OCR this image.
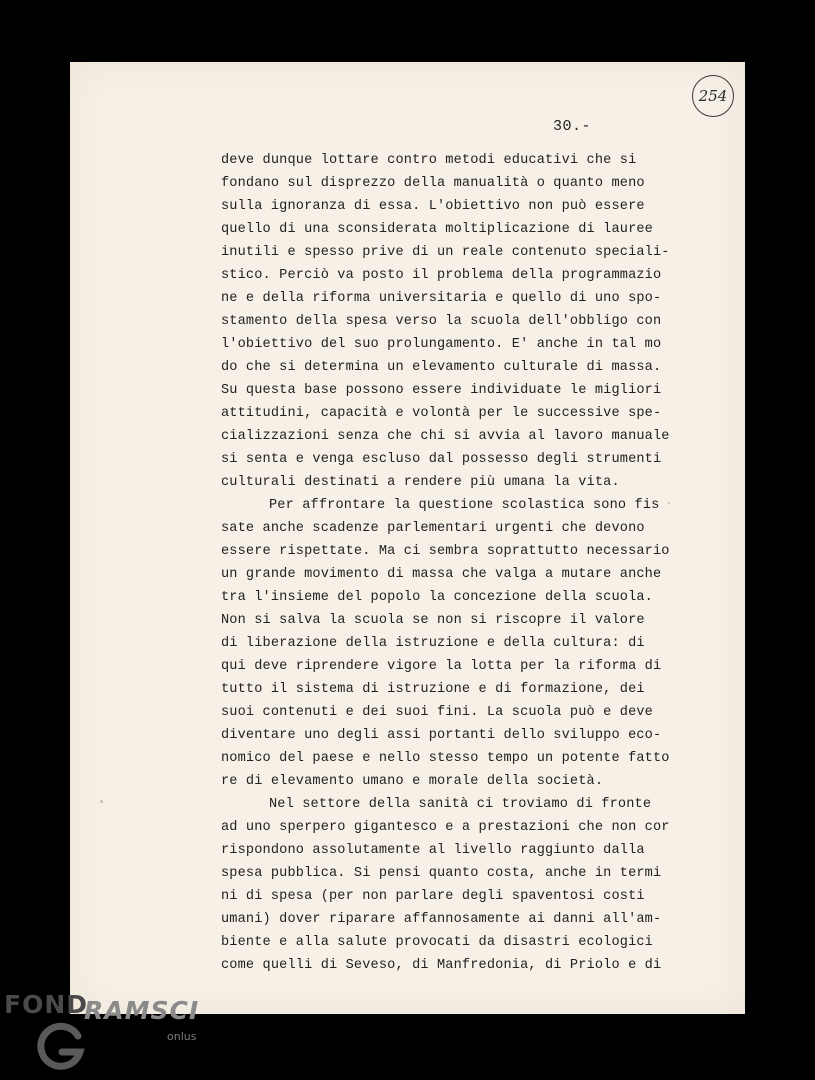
254
30.-
deve dunque lottare contro metodi educativi che si
fondano sul disprezzo della manualità o quanto meno
sulla ignoranza di essa. L'obiettivo non può essere
quello di una sconsiderata moltiplicazione di lauree
inutili e spesso prive di un reale contenuto speciali-
stico. Perciò va posto il problema della programmazio
ne e della riforma universitaria e quello di uno spo-
stamento della spesa verso la scuola dell'obbligo con
l'obiettivo del suo prolungamento. E' anche in tal mo
do che si determina un elevamento culturale di massa.
Su questa base possono essere individuate le migliori
attitudini, capacità e volontà per le successive spe-
cializzazioni senza che chi si avvia al lavoro manuale
si senta e venga escluso dal possesso degli strumenti
culturali destinati a rendere più umana la vita.
Per affrontare la questione scolastica sono fis
sate anche scadenze parlementari urgenti che devono
essere rispettate. Ma ci sembra soprattutto necessario
un grande movimento di massa che valga a mutare anche
tra l'insieme del popolo la concezione della scuola.
Non si salva la scuola se non si riscopre il valore
di liberazione della istruzione e della cultura: di
qui deve riprendere vigore la lotta per la riforma di
tutto il sistema di istruzione e di formazione, dei
suoi contenuti e dei suoi fini. La scuola può e deve
diventare uno degli assi portanti dello sviluppo eco-
nomico del paese e nello stesso tempo un potente fatto
re di elevamento umano e morale della società.
Nel settore della sanità ci troviamo di fronte
ad uno sperpero gigantesco e a prestazioni che non cor
rispondono assolutamente al livello raggiunto dalla
spesa pubblica. Si pensi quanto costa, anche in termi
ni di spesa (per non parlare degli spaventosi costi
umani) dover riparare affannosamente ai danni all'am-
biente e alla salute provocati da disastri ecologici
come quelli di Seveso, di Manfredonia, di Priolo e di
FOND
RAMSCI
onlus
